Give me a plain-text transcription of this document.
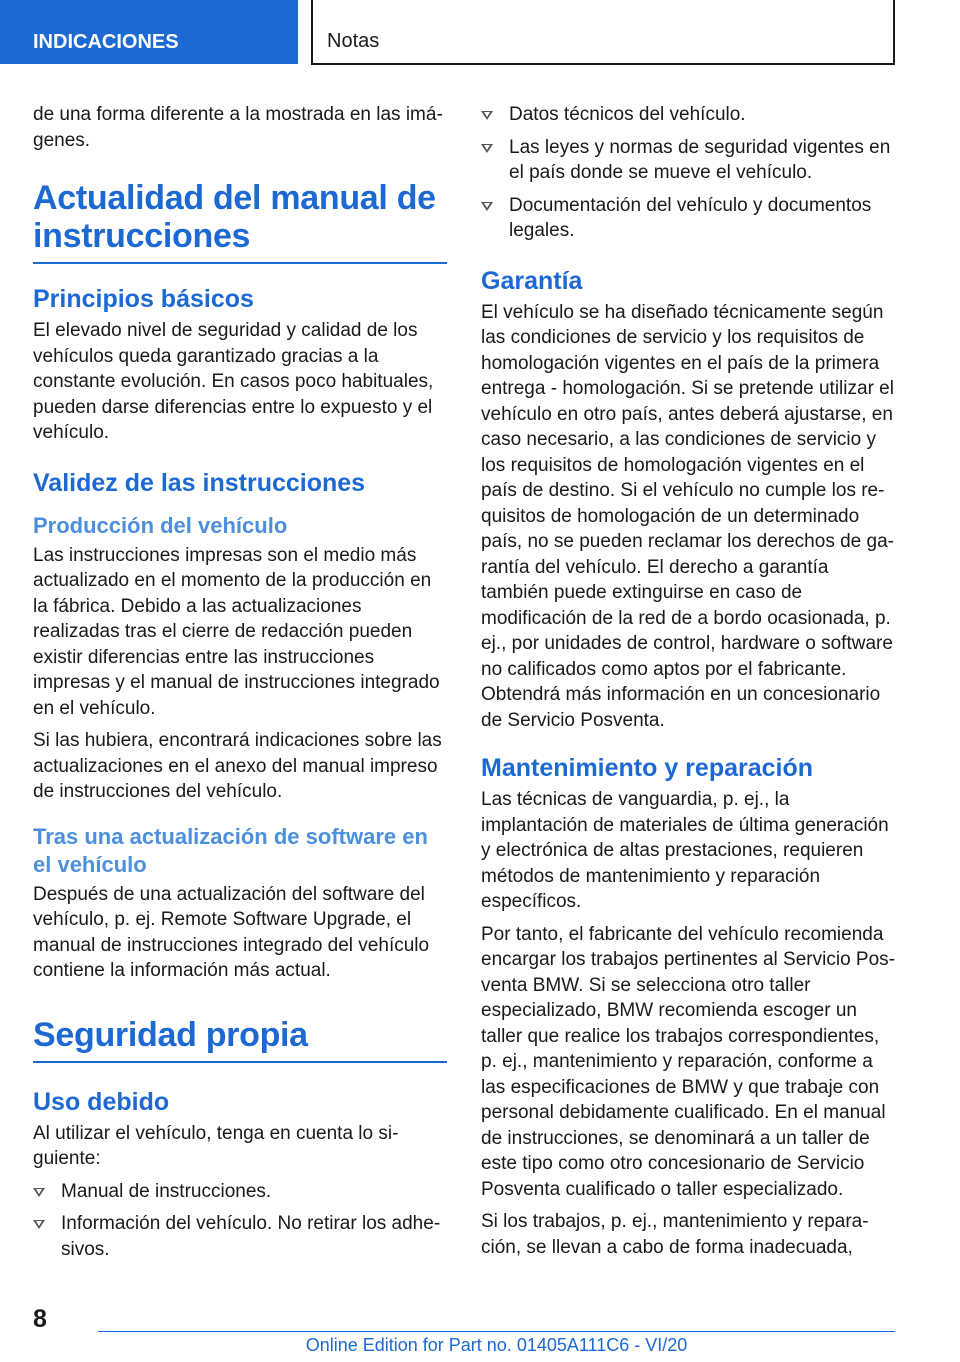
INDICACIONES	Notas

de una forma diferente a la mostrada en las imágenes.

Actualidad del manual de instrucciones
Principios básicos

El elevado nivel de seguridad y calidad de los vehículos queda garantizado gracias a la constante evolución. En casos poco habituales, pueden darse diferencias entre lo expuesto y el vehículo.

Validez de las instrucciones
Producción del vehículo

Las instrucciones impresas son el medio más actualizado en el momento de la producción en la fábrica. Debido a las actualizaciones realizadas tras el cierre de redacción pueden existir diferencias entre las instrucciones impresas y el manual de instrucciones integrado en el vehículo.

Si las hubiera, encontrará indicaciones sobre las actualizaciones en el anexo del manual impreso de instrucciones del vehículo.

Tras una actualización de software en el vehículo

Después de una actualización del software del vehículo, p. ej. Remote Software Upgrade, el manual de instrucciones integrado del vehículo contiene la información más actual.

Seguridad propia
Uso debido

Al utilizar el vehículo, tenga en cuenta lo siguiente:

Manual de instrucciones.
Información del vehículo. No retirar los adhesivos.
Datos técnicos del vehículo.
Las leyes y normas de seguridad vigentes en el país donde se mueve el vehículo.
Documentación del vehículo y documentos legales.
Garantía

El vehículo se ha diseñado técnicamente según las condiciones de servicio y los requisitos de homologación vigentes en el país de la primera entrega - homologación. Si se pretende utilizar el vehículo en otro país, antes deberá ajustarse, en caso necesario, a las condiciones de servicio y los requisitos de homologación vigentes en el país de destino. Si el vehículo no cumple los requisitos de homologación de un determinado país, no se pueden reclamar los derechos de garantía del vehículo. El derecho a garantía también puede extinguirse en caso de modificación de la red de a bordo ocasionada, p. ej., por unidades de control, hardware o software no calificados como aptos por el fabricante. Obtendrá más información en un concesionario de Servicio Posventa.

Mantenimiento y reparación

Las técnicas de vanguardia, p. ej., la implantación de materiales de última generación y electrónica de altas prestaciones, requieren métodos de mantenimiento y reparación específicos.

Por tanto, el fabricante del vehículo recomienda encargar los trabajos pertinentes al Servicio Posventa BMW. Si se selecciona otro taller especializado, BMW recomienda escoger un taller que realice los trabajos correspondientes, p. ej., mantenimiento y reparación, conforme a las especificaciones de BMW y que trabaje con personal debidamente cualificado. En el manual de instrucciones, se denominará a un taller de este tipo como otro concesionario de Servicio Posventa cualificado o taller especializado.

Si los trabajos, p. ej., mantenimiento y reparación, se llevan a cabo de forma inadecuada,

8
Online Edition for Part no. 01405A111C6 - VI/20
